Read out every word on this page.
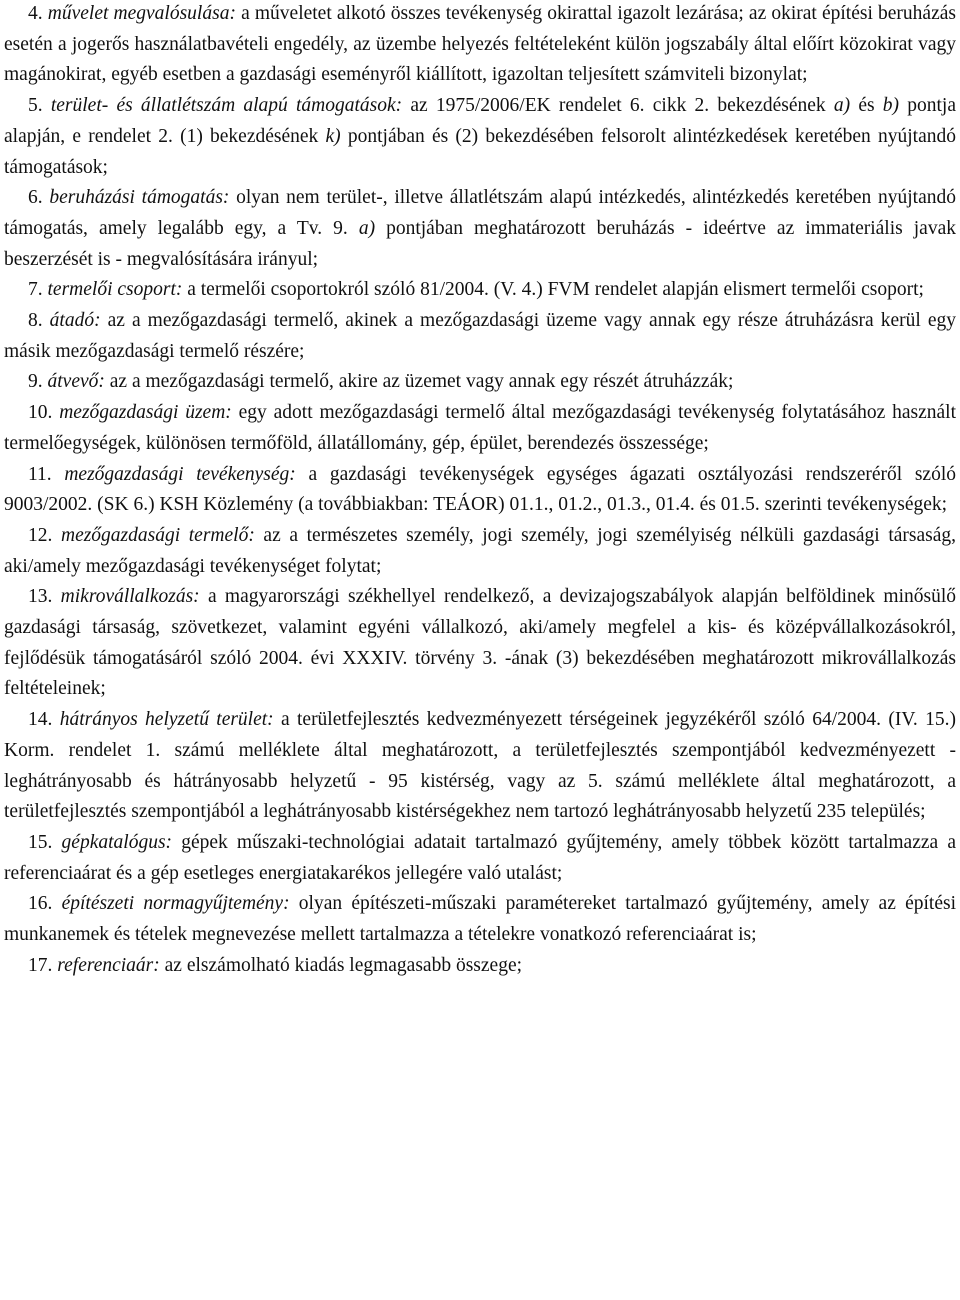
4. művelet megvalósulása: a műveletet alkotó összes tevékenység okirattal igazolt lezárása; az okirat építési beruházás esetén a jogerős használatbavételi engedély, az üzembe helyezés feltételeként külön jogszabály által előírt közokirat vagy magánokirat, egyéb esetben a gazdasági eseményről kiállított, igazoltan teljesített számviteli bizonylat;

5. terület- és állatlétszám alapú támogatások: az 1975/2006/EK rendelet 6. cikk 2. bekezdésének a) és b) pontja alapján, e rendelet 2. (1) bekezdésének k) pontjában és (2) bekezdésében felsorolt alintézkedések keretében nyújtandó támogatások;

6. beruházási támogatás: olyan nem terület-, illetve állatlétszám alapú intézkedés, alintézkedés keretében nyújtandó támogatás, amely legalább egy, a Tv. 9. a) pontjában meghatározott beruházás - ideértve az immateriális javak beszerzését is - megvalósítására irányul;

7. termelői csoport: a termelői csoportokról szóló 81/2004. (V. 4.) FVM rendelet alapján elismert termelői csoport;

8. átadó: az a mezőgazdasági termelő, akinek a mezőgazdasági üzeme vagy annak egy része átruházásra kerül egy másik mezőgazdasági termelő részére;

9. átvevő: az a mezőgazdasági termelő, akire az üzemet vagy annak egy részét átruházzák;

10. mezőgazdasági üzem: egy adott mezőgazdasági termelő által mezőgazdasági tevékenység folytatásához használt termelőegységek, különösen termőföld, állatállomány, gép, épület, berendezés összessége;

11. mezőgazdasági tevékenység: a gazdasági tevékenységek egységes ágazati osztályozási rendszeréről szóló 9003/2002. (SK 6.) KSH Közlemény (a továbbiakban: TEÁOR) 01.1., 01.2., 01.3., 01.4. és 01.5. szerinti tevékenységek;

12. mezőgazdasági termelő: az a természetes személy, jogi személy, jogi személyiség nélküli gazdasági társaság, aki/amely mezőgazdasági tevékenységet folytat;

13. mikrovállalkozás: a magyarországi székhellyel rendelkező, a devizajogszabályok alapján belföldinek minősülő gazdasági társaság, szövetkezet, valamint egyéni vállalkozó, aki/amely megfelel a kis- és középvállalkozásokról, fejlődésük támogatásáról szóló 2004. évi XXXIV. törvény 3. -ának (3) bekezdésében meghatározott mikrovállalkozás feltételeinek;

14. hátrányos helyzetű terület: a területfejlesztés kedvezményezett térségeinek jegyzékéről szóló 64/2004. (IV. 15.) Korm. rendelet 1. számú melléklete által meghatározott, a területfejlesztés szempontjából kedvezményezett - leghátrányosabb és hátrányosabb helyzetű - 95 kistérség, vagy az 5. számú melléklete által meghatározott, a területfejlesztés szempontjából a leghátrányosabb kistérségekhez nem tartozó leghátrányosabb helyzetű 235 település;

15. gépkatalógus: gépek műszaki-technológiai adatait tartalmazó gyűjtemény, amely többek között tartalmazza a referenciaárat és a gép esetleges energiatakarékos jellegére való utalást;

16. építészeti normagyűjtemény: olyan építészeti-műszaki paramétereket tartalmazó gyűjtemény, amely az építési munkanemek és tételek megnevezése mellett tartalmazza a tételekre vonatkozó referenciaárat is;

17. referenciaár: az elszámolható kiadás legmagasabb összege;
